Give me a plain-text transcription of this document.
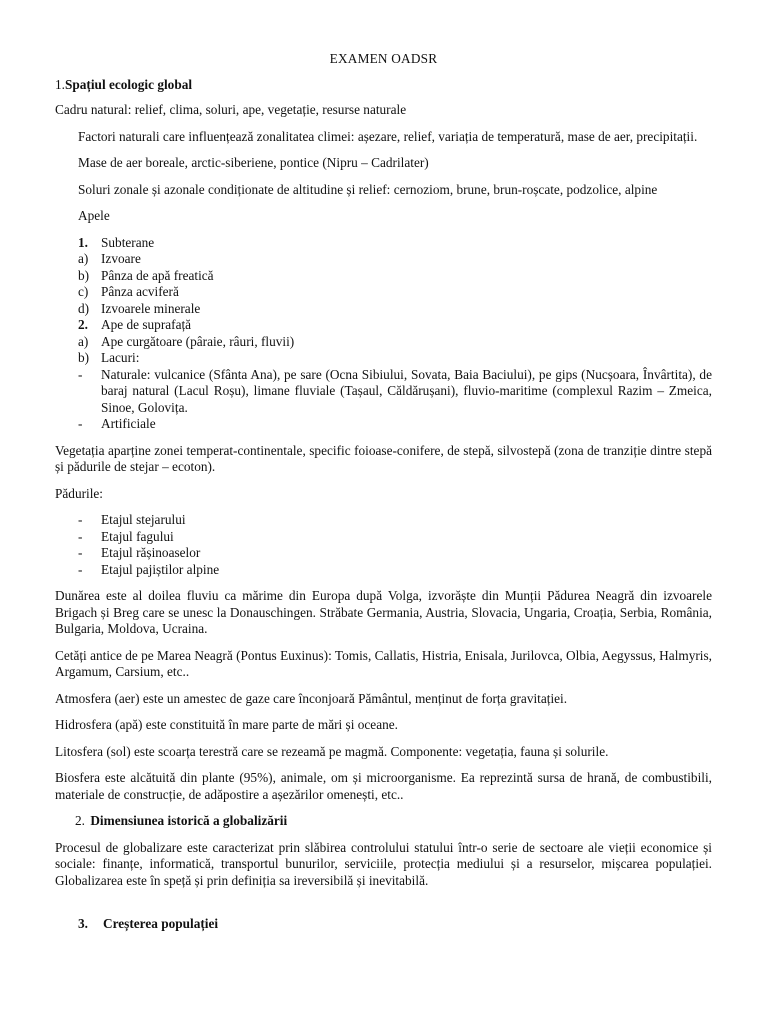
EXAMEN OADSR
1.Spațiul ecologic global

Cadru natural: relief, clima, soluri, ape, vegetație, resurse naturale

Factori naturali care influențează zonalitatea climei: așezare, relief, variația de temperatură, mase de aer, precipitații.

Mase de aer boreale, arctic-siberiene, pontice (Nipru – Cadrilater)

Soluri zonale și azonale condiționate de altitudine și relief: cernoziom, brune, brun-roșcate, podzolice, alpine

Apele

1. Subterane
a) Izvoare
b) Pânza de apă freatică
c) Pânza acviferă
d) Izvoarele minerale
2. Ape de suprafață
a) Ape curgătoare (pâraie, râuri, fluvii)
b) Lacuri:
-	Naturale: vulcanice (Sfânta Ana), pe sare (Ocna Sibiului, Sovata, Baia Baciului), pe gips (Nucșoara, Învârtita), de baraj natural (Lacul Roșu), limane fluviale (Tașaul, Căldărușani), fluvio-maritime (complexul Razim – Zmeica, Sinoe, Golovița.
-	Artificiale

Vegetația aparține zonei temperat-continentale, specific foioase-conifere, de stepă, silvostepă (zona de tranziție dintre stepă și pădurile de stejar – ecoton).

Pădurile:

-	Etajul stejarului
-	Etajul fagului
-	Etajul rășinoaselor
-	Etajul pajiștilor alpine

Dunărea este al doilea fluviu ca mărime din Europa după Volga, izvorăște din Munții Pădurea Neagră din izvoarele Brigach și Breg care se unesc la Donauschingen. Străbate Germania, Austria, Slovacia, Ungaria, Croația, Serbia, România, Bulgaria, Moldova, Ucraina.

Cetăți antice de pe Marea Neagră (Pontus Euxinus): Tomis, Callatis, Histria, Enisala, Jurilovca, Olbia, Aegyssus, Halmyris, Argamum, Carsium, etc..

Atmosfera (aer) este un amestec de gaze care înconjoară Pământul, menținut de forța gravitației.

Hidrosfera (apă) este constituită în mare parte de mări și oceane.

Litosfera (sol) este scoarța terestră care se rezeamă pe magmă. Componente: vegetația, fauna și solurile.

Biosfera este alcătuită din plante (95%), animale, om și microorganisme. Ea reprezintă sursa de hrană, de combustibili, materiale de construcție, de adăpostire a așezărilor omenești, etc..

2.
Dimensiunea istorică a globalizării

Procesul de globalizare este caracterizat prin slăbirea controlului statului într-o serie de sectoare ale vieții economice și sociale: finanțe, informatică, transportul bunurilor, serviciile, protecția mediului și a resurselor, mișcarea populației. Globalizarea este în speță și prin definiția sa ireversibilă și inevitabilă.

3.	Creșterea populației
